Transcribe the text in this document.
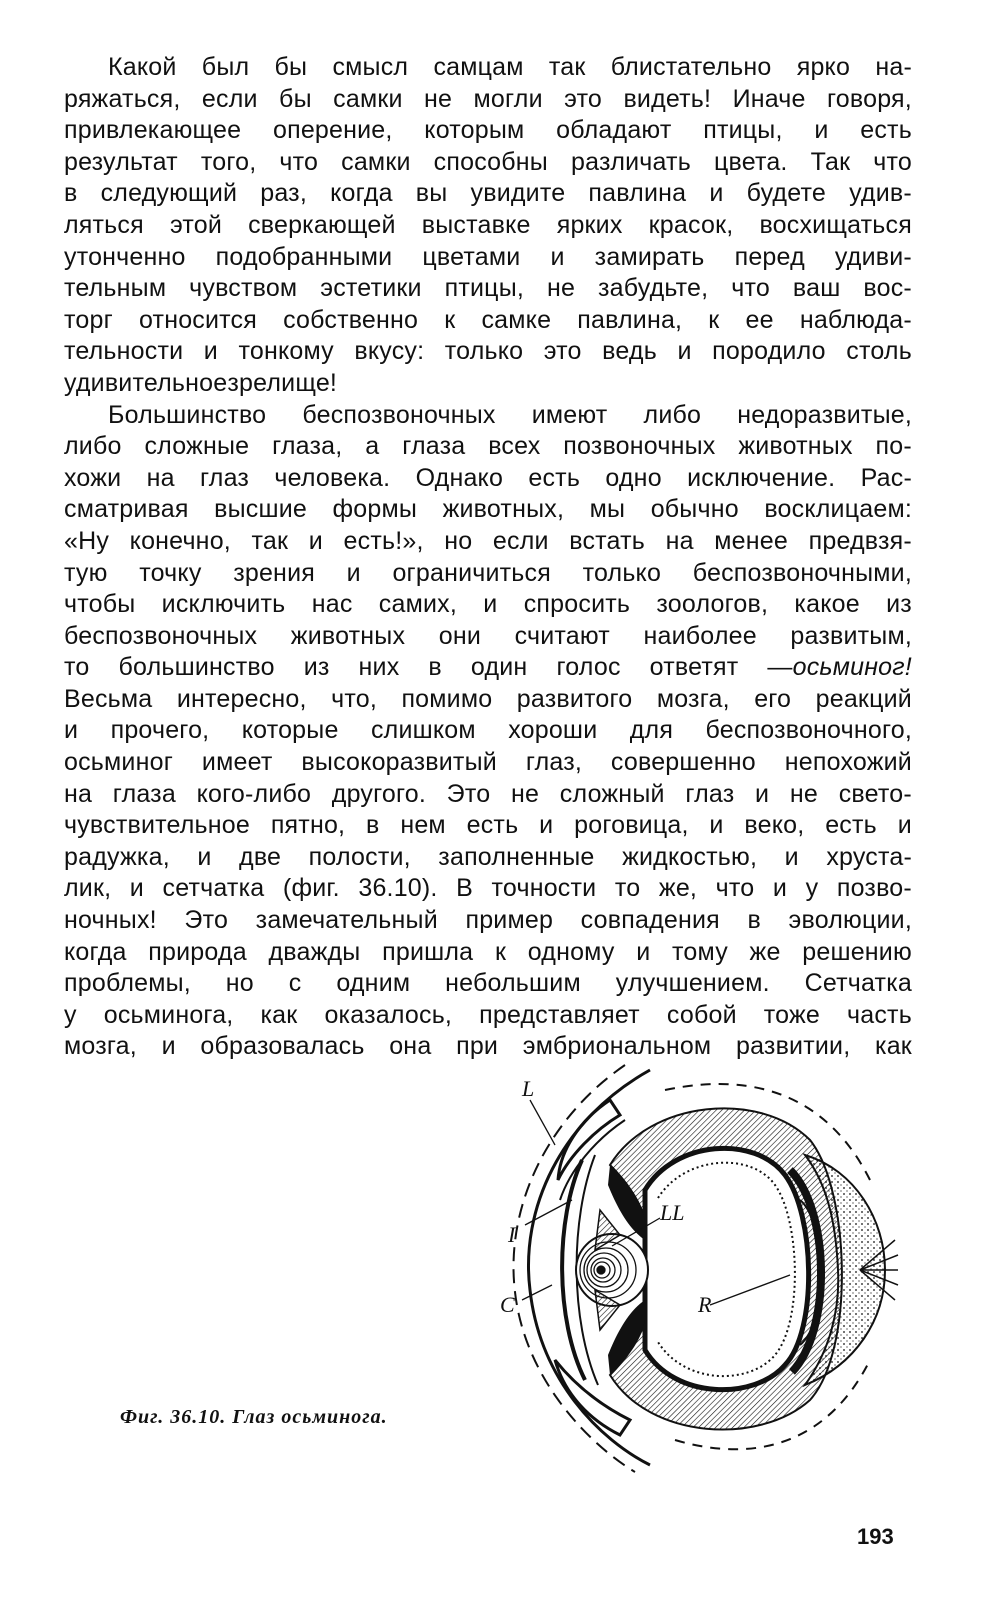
Какой был бы смысл самцам так блистательно ярко на-
ряжаться, если бы самки не могли это видеть! Иначе говоря,
привлекающее оперение, которым обладают птицы, и есть
результат того, что самки способны различать цвета. Так что
в следующий раз, когда вы увидите павлина и будете удив-
ляться этой сверкающей выставке ярких красок, восхищаться
утонченно подобранными цветами и замирать перед удиви-
тельным чувством эстетики птицы, не забудьте, что ваш вос-
торг относится собственно к самке павлина, к ее наблюда-
тельности и тонкому вкусу: только это ведь и породило столь
удивительное зрелище!
Большинство беспозвоночных имеют либо недоразвитые,
либо сложные глаза, а глаза всех позвоночных животных по-
хожи на глаз человека. Однако есть одно исключение. Рас-
сматривая высшие формы животных, мы обычно восклицаем:
«Ну конечно, так и есть!», но если встать на менее предвзя-
тую точку зрения и ограничиться только беспозвоночными,
чтобы исключить нас самих, и спросить зоологов, какое из
беспозвоночных животных они считают наиболее развитым,
то большинство из них в один голос ответят —осьминог!
Весьма интересно, что, помимо развитого мозга, его реакций
и прочего, которые слишком хороши для беспозвоночного,
осьминог имеет высокоразвитый глаз, совершенно непохожий
на глаза кого-либо другого. Это не сложный глаз и не свето-
чувствительное пятно, в нем есть и роговица, и веко, есть и
радужка, и две полости, заполненные жидкостью, и хруста-
лик, и сетчатка (фиг. 36.10). В точности то же, что и у позво-
ночных! Это замечательный пример совпадения в эволюции,
когда природа дважды пришла к одному и тому же решению
проблемы, но с одним небольшим улучшением. Сетчатка
у осьминога, как оказалось, представляет собой тоже часть
мозга, и образовалась она при эмбриональном развитии, как
L
LL
I
C	R
Фиг. 36.10. Глаз осьминога.
193
